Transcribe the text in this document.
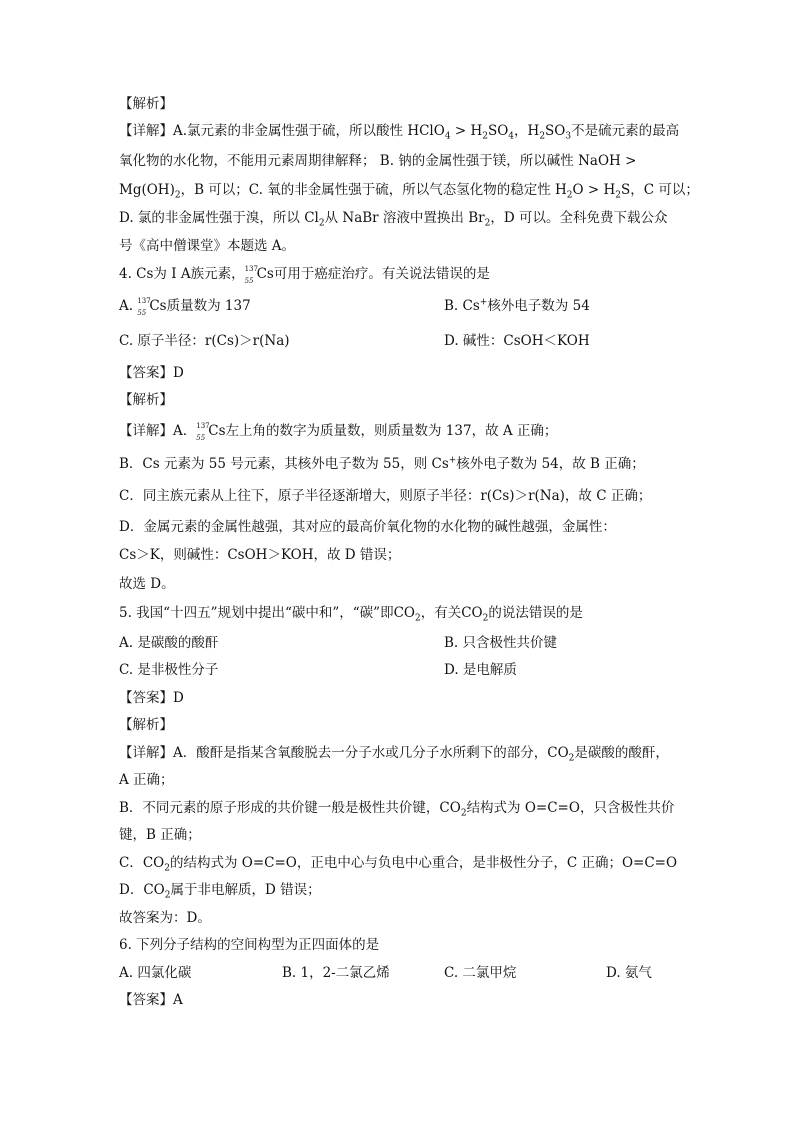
【解析】
【详解】A.氯元素的非金属性强于硫，所以酸性 HClO$_4$ > $H_2SO_4$，$H_2SO_3$不是硫元素的最高
氧化物的水化物，不能用元素周期律解释； B. 钠的金属性强于镁，所以碱性 NaOH >
$Mg(OH)_2$，B 可以；C. 氧的非金属性强于硫，所以气态氢化物的稳定性 $H_2O > H_2S$，C 可以；
D. 氯的非金属性强于溴，所以 $Cl_2$从 NaBr 溶液中置换出 $Br_2$，D 可以。全科免费下载公众
号《高中僧课堂》本题选 A。
4. Cs为 I A族元素， 137
55 Cs可用于癌症治疗。有关说法错误的是
A. 137
55 Cs质量数为 137	B. Cs+核外电子数为 54
C. 原子半径：r(Cs)＞r(Na)	D. 碱性：CsOH＜KOH
【答案】D
【解析】
【详解】A． 137
55 Cs左上角的数字为质量数，则质量数为 137，故 A 正确；
B．Cs 元素为 55 号元素，其核外电子数为 55，则 Cs+核外电子数为 54，故 B 正确；
C．同主族元素从上往下，原子半径逐渐增大，则原子半径：r(Cs)＞r(Na)，故 C 正确；
D．金属元素的金属性越强，其对应的最高价氧化物的水化物的碱性越强，金属性：
Cs＞K，则碱性：CsOH＞KOH，故 D 错误；
故选 D。
5. 我国“十四五”规划中提出“碳中和”，“碳”即$CO_2$，有关$CO_2$的说法错误的是
A. 是碳酸的酸酐	B. 只含极性共价键
C. 是非极性分子	D. 是电解质
【答案】D
【解析】
【详解】A．酸酐是指某含氧酸脱去一分子水或几分子水所剩下的部分，$CO_2$是碳酸的酸酐，
A 正确；
B．不同元素的原子形成的共价键一般是极性共价键，$CO_2$结构式为 O=C=O，只含极性共价
键，B 正确；
C．$CO_2$的结构式为 O=C=O，正电中心与负电中心重合，是非极性分子，C 正确；O=C=O
D．$CO_2$属于非电解质，D 错误；
故答案为：D。
6. 下列分子结构的空间构型为正四面体的是
A. 四氯化碳	B. 1，2-二氯乙烯	C. 二氯甲烷	D. 氨气
【答案】A
